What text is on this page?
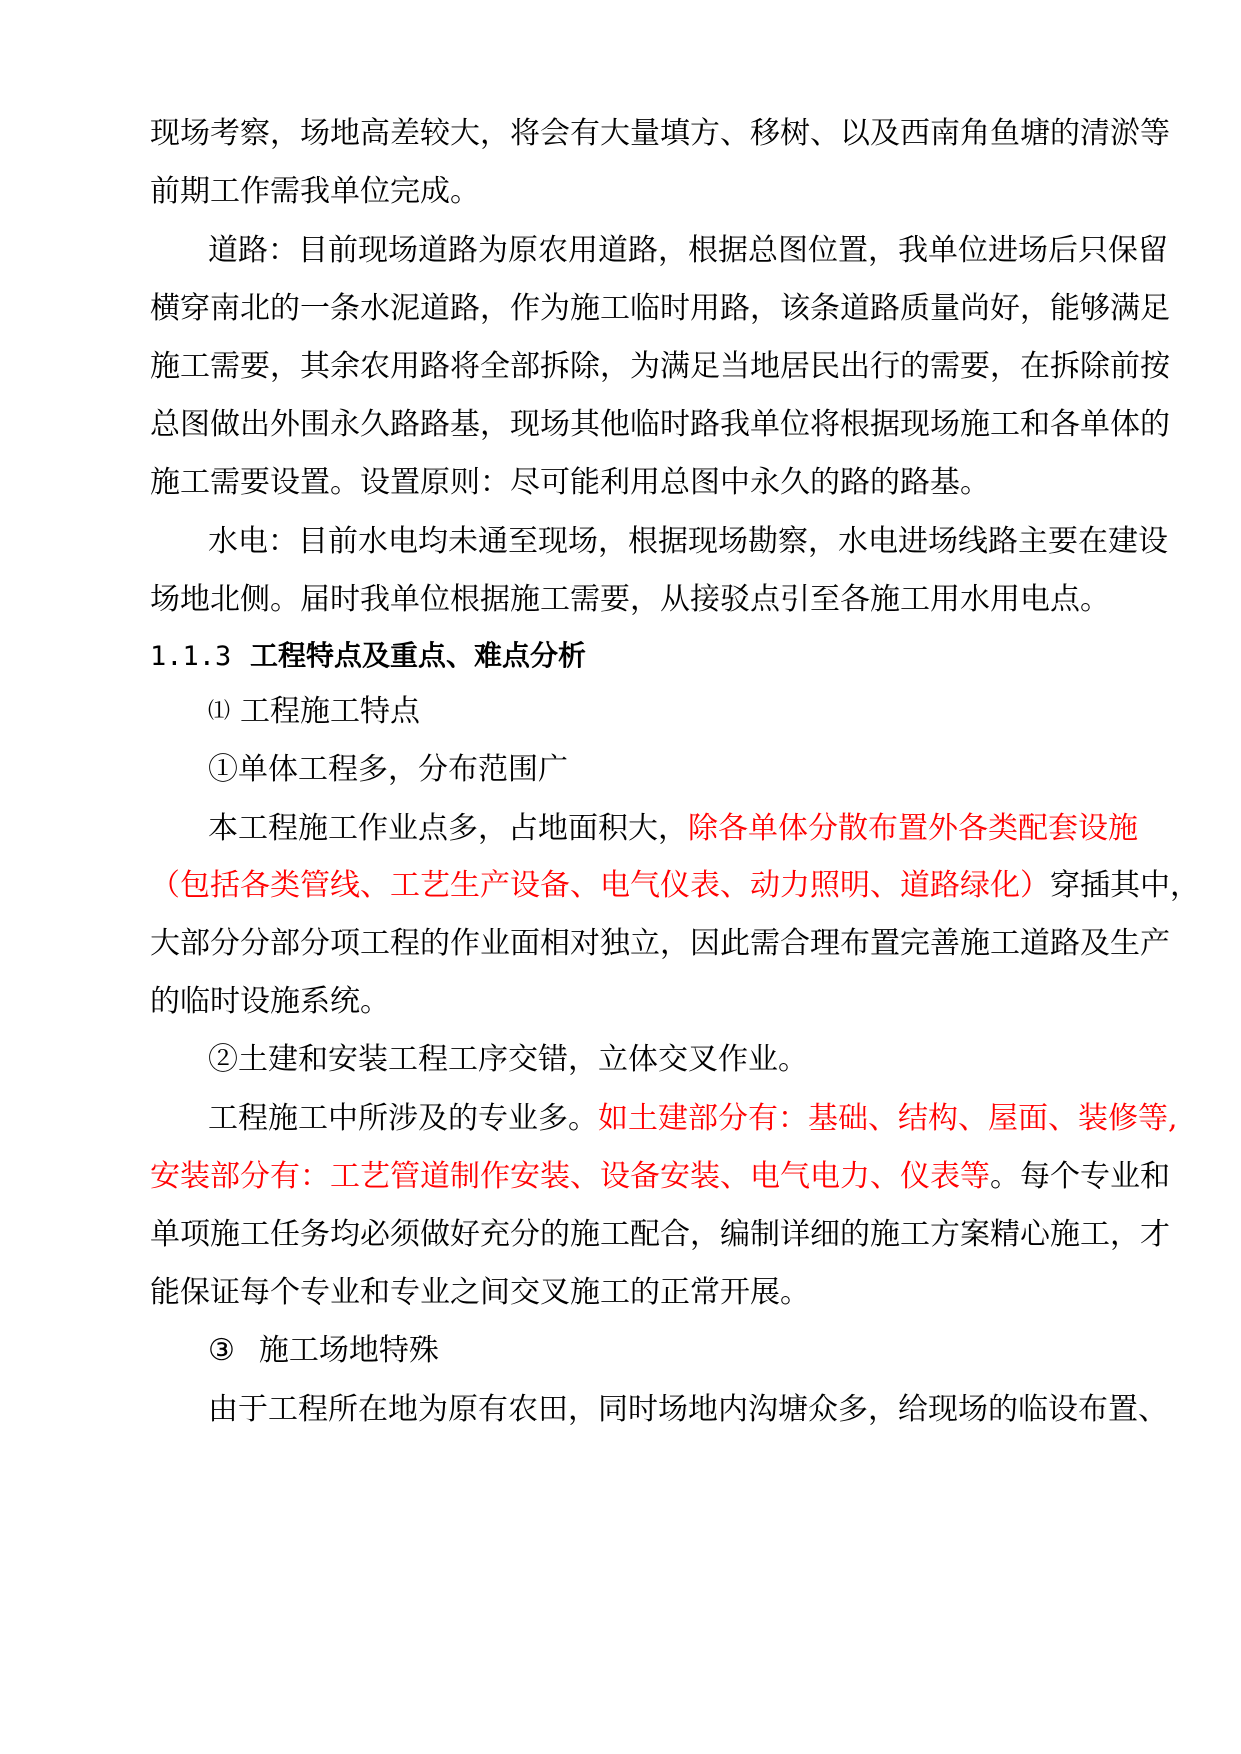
现场考察，场地高差较大，将会有大量填方、移树、以及西南角鱼塘的清淤等
前期工作需我单位完成。
道路：目前现场道路为原农用道路，根据总图位置，我单位进场后只保留
横穿南北的一条水泥道路，作为施工临时用路，该条道路质量尚好，能够满足
施工需要，其余农用路将全部拆除，为满足当地居民出行的需要，在拆除前按
总图做出外围永久路路基，现场其他临时路我单位将根据现场施工和各单体的
施工需要设置。设置原则：尽可能利用总图中永久的路的路基。
水电：目前水电均未通至现场，根据现场勘察，水电进场线路主要在建设
场地北侧。届时我单位根据施工需要，从接驳点引至各施工用水用电点。
1.1.3 工程特点及重点、难点分析
⑴ 工程施工特点
①单体工程多，分布范围广
本工程施工作业点多，占地面积大，除各单体分散布置外各类配套设施
（包括各类管线、工艺生产设备、电气仪表、动力照明、道路绿化）穿插其中，
大部分分部分项工程的作业面相对独立，因此需合理布置完善施工道路及生产
的临时设施系统。
②土建和安装工程工序交错，立体交叉作业。
工程施工中所涉及的专业多。如土建部分有：基础、结构、屋面、装修等,
安装部分有：工艺管道制作安装、设备安装、电气电力、仪表等。每个专业和
单项施工任务均必须做好充分的施工配合，编制详细的施工方案精心施工，才
能保证每个专业和专业之间交叉施工的正常开展。
③ 施工场地特殊
由于工程所在地为原有农田，同时场地内沟塘众多，给现场的临设布置、
